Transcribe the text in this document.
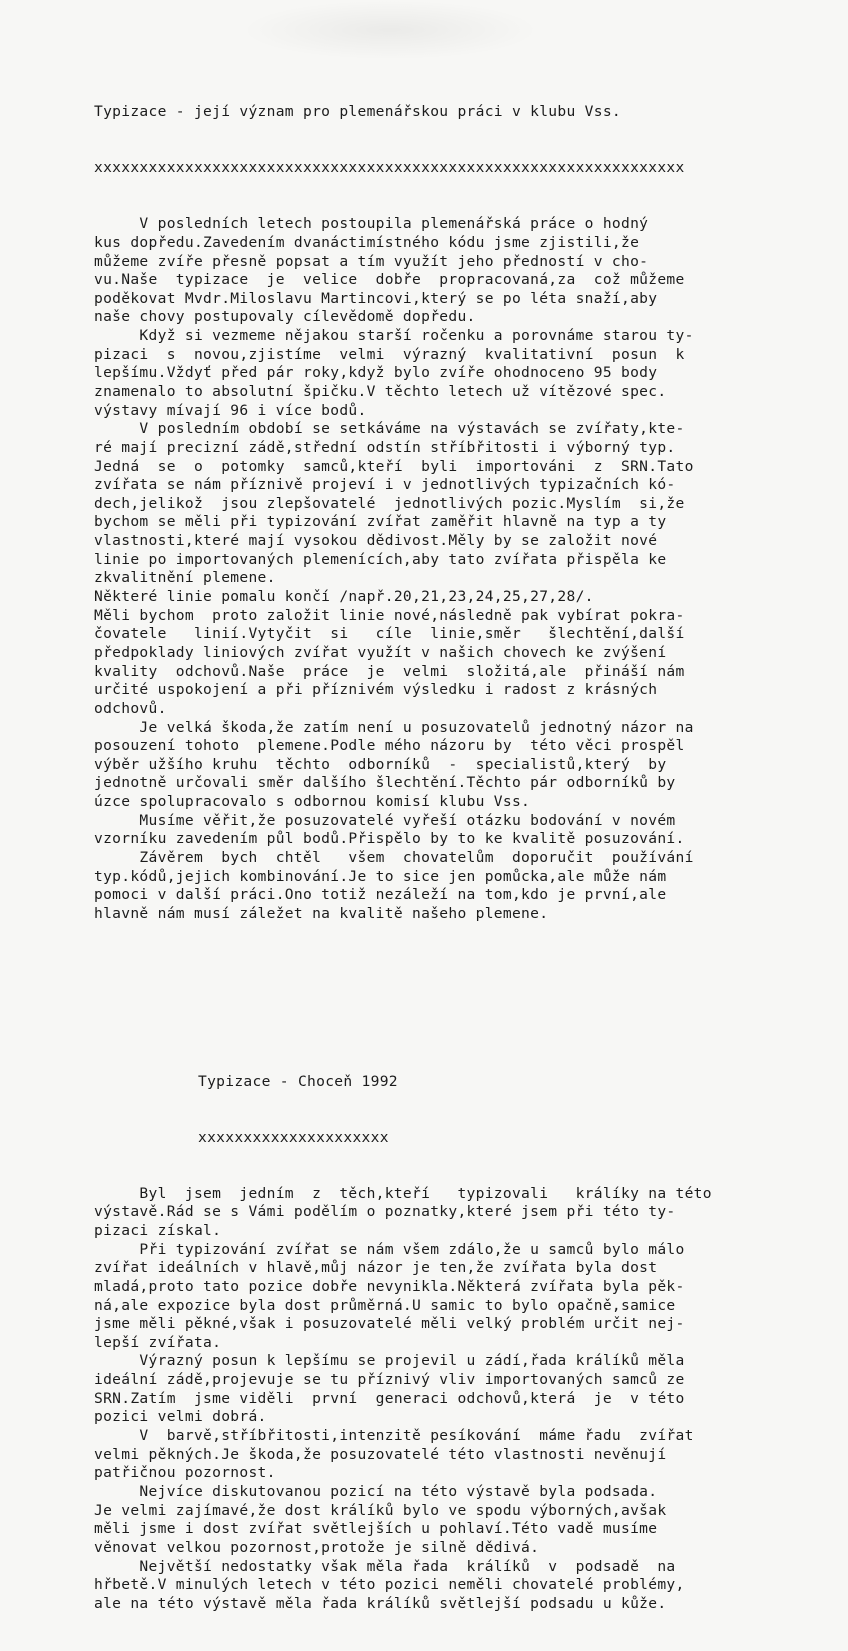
Typizace - její význam pro plemenářskou práci v klubu Vss.

xxxxxxxxxxxxxxxxxxxxxxxxxxxxxxxxxxxxxxxxxxxxxxxxxxxxxxxxxxxxxxxxx

V posledních letech postoupila plemenářská práce o hodný
kus dopředu.Zavedením dvanáctimístného kódu jsme zjistili,že
můžeme zvíře přesně popsat a tím využít jeho předností v cho-
vu.Naše  typizace  je  velice  dobře  propracovaná,za  což můžeme
poděkovat Mvdr.Miloslavu Martincovi,který se po léta snaží,aby
naše chovy postupovaly cílevědomě dopředu.
Když si vezmeme nějakou starší ročenku a porovnáme starou ty-
pizaci  s  novou,zjistíme  velmi  výrazný  kvalitativní  posun  k
lepšímu.Vždyť před pár roky,když bylo zvíře ohodnoceno 95 body
znamenalo to absolutní špičku.V těchto letech už vítězové spec.
výstavy mívají 96 i více bodů.
V posledním období se setkáváme na výstavách se zvířaty,kte-
ré mají precizní zádě,střední odstín stříbřitosti i výborný typ.
Jedná  se  o  potomky  samců,kteří  byli  importováni  z  SRN.Tato
zvířata se nám příznivě projeví i v jednotlivých typizačních kó-
dech,jelikož  jsou zlepšovatelé  jednotlivých pozic.Myslím  si,že
bychom se měli při typizování zvířat zaměřit hlavně na typ a ty
vlastnosti,které mají vysokou dědivost.Měly by se založit nové
linie po importovaných plemenících,aby tato zvířata přispěla ke
zkvalitnění plemene.
Některé linie pomalu končí /např.20,21,23,24,25,27,28/.
Měli bychom  proto založit linie nové,následně pak vybírat pokra-
čovatele   linií.Vytyčit  si   cíle  linie,směr   šlechtění,další
předpoklady liniových zvířat využít v našich chovech ke zvýšení
kvality  odchovů.Naše  práce  je  velmi  složitá,ale  přináší nám
určité uspokojení a při příznivém výsledku i radost z krásných
odchovů.
Je velká škoda,že zatím není u posuzovatelů jednotný názor na
posouzení tohoto  plemene.Podle mého názoru by  této věci prospěl
výběr užšího kruhu  těchto  odborníků  -  specialistů,který  by
jednotně určovali směr dalšího šlechtění.Těchto pár odborníků by
úzce spolupracovalo s odbornou komisí klubu Vss.
Musíme věřit,že posuzovatelé vyřeší otázku bodování v novém
vzorníku zavedením půl bodů.Přispělo by to ke kvalitě posuzování.
Závěrem  bych  chtěl   všem  chovatelům  doporučit  používání
typ.kódů,jejich kombinování.Je to sice jen pomůcka,ale může nám
pomoci v další práci.Ono totiž nezáleží na tom,kdo je první,ale
hlavně nám musí záležet na kvalitě našeho plemene.

Typizace - Choceň 1992

xxxxxxxxxxxxxxxxxxxxx

Byl  jsem  jedním  z  těch,kteří   typizovali   králíky na této
výstavě.Rád se s Vámi podělím o poznatky,které jsem při této ty-
pizaci získal.
Při typizování zvířat se nám všem zdálo,že u samců bylo málo
zvířat ideálních v hlavě,můj názor je ten,že zvířata byla dost
mladá,proto tato pozice dobře nevynikla.Některá zvířata byla pěk-
ná,ale expozice byla dost průměrná.U samic to bylo opačně,samice
jsme měli pěkné,však i posuzovatelé měli velký problém určit nej-
lepší zvířata.
Výrazný posun k lepšímu se projevil u zádí,řada králíků měla
ideální zádě,projevuje se tu příznivý vliv importovaných samců ze
SRN.Zatím  jsme viděli  první  generaci odchovů,která  je  v této
pozici velmi dobrá.
V  barvě,stříbřitosti,intenzitě pesíkování  máme řadu  zvířat
velmi pěkných.Je škoda,že posuzovatelé této vlastnosti nevěnují
patřičnou pozornost.
Nejvíce diskutovanou pozicí na této výstavě byla podsada.
Je velmi zajímavé,že dost králíků bylo ve spodu výborných,avšak
měli jsme i dost zvířat světlejších u pohlaví.Této vadě musíme
věnovat velkou pozornost,protože je silně dědivá.
Největší nedostatky však měla řada  králíků  v  podsadě  na
hřbetě.V minulých letech v této pozici neměli chovatelé problémy,
ale na této výstavě měla řada králíků světlejší podsadu u kůže.
